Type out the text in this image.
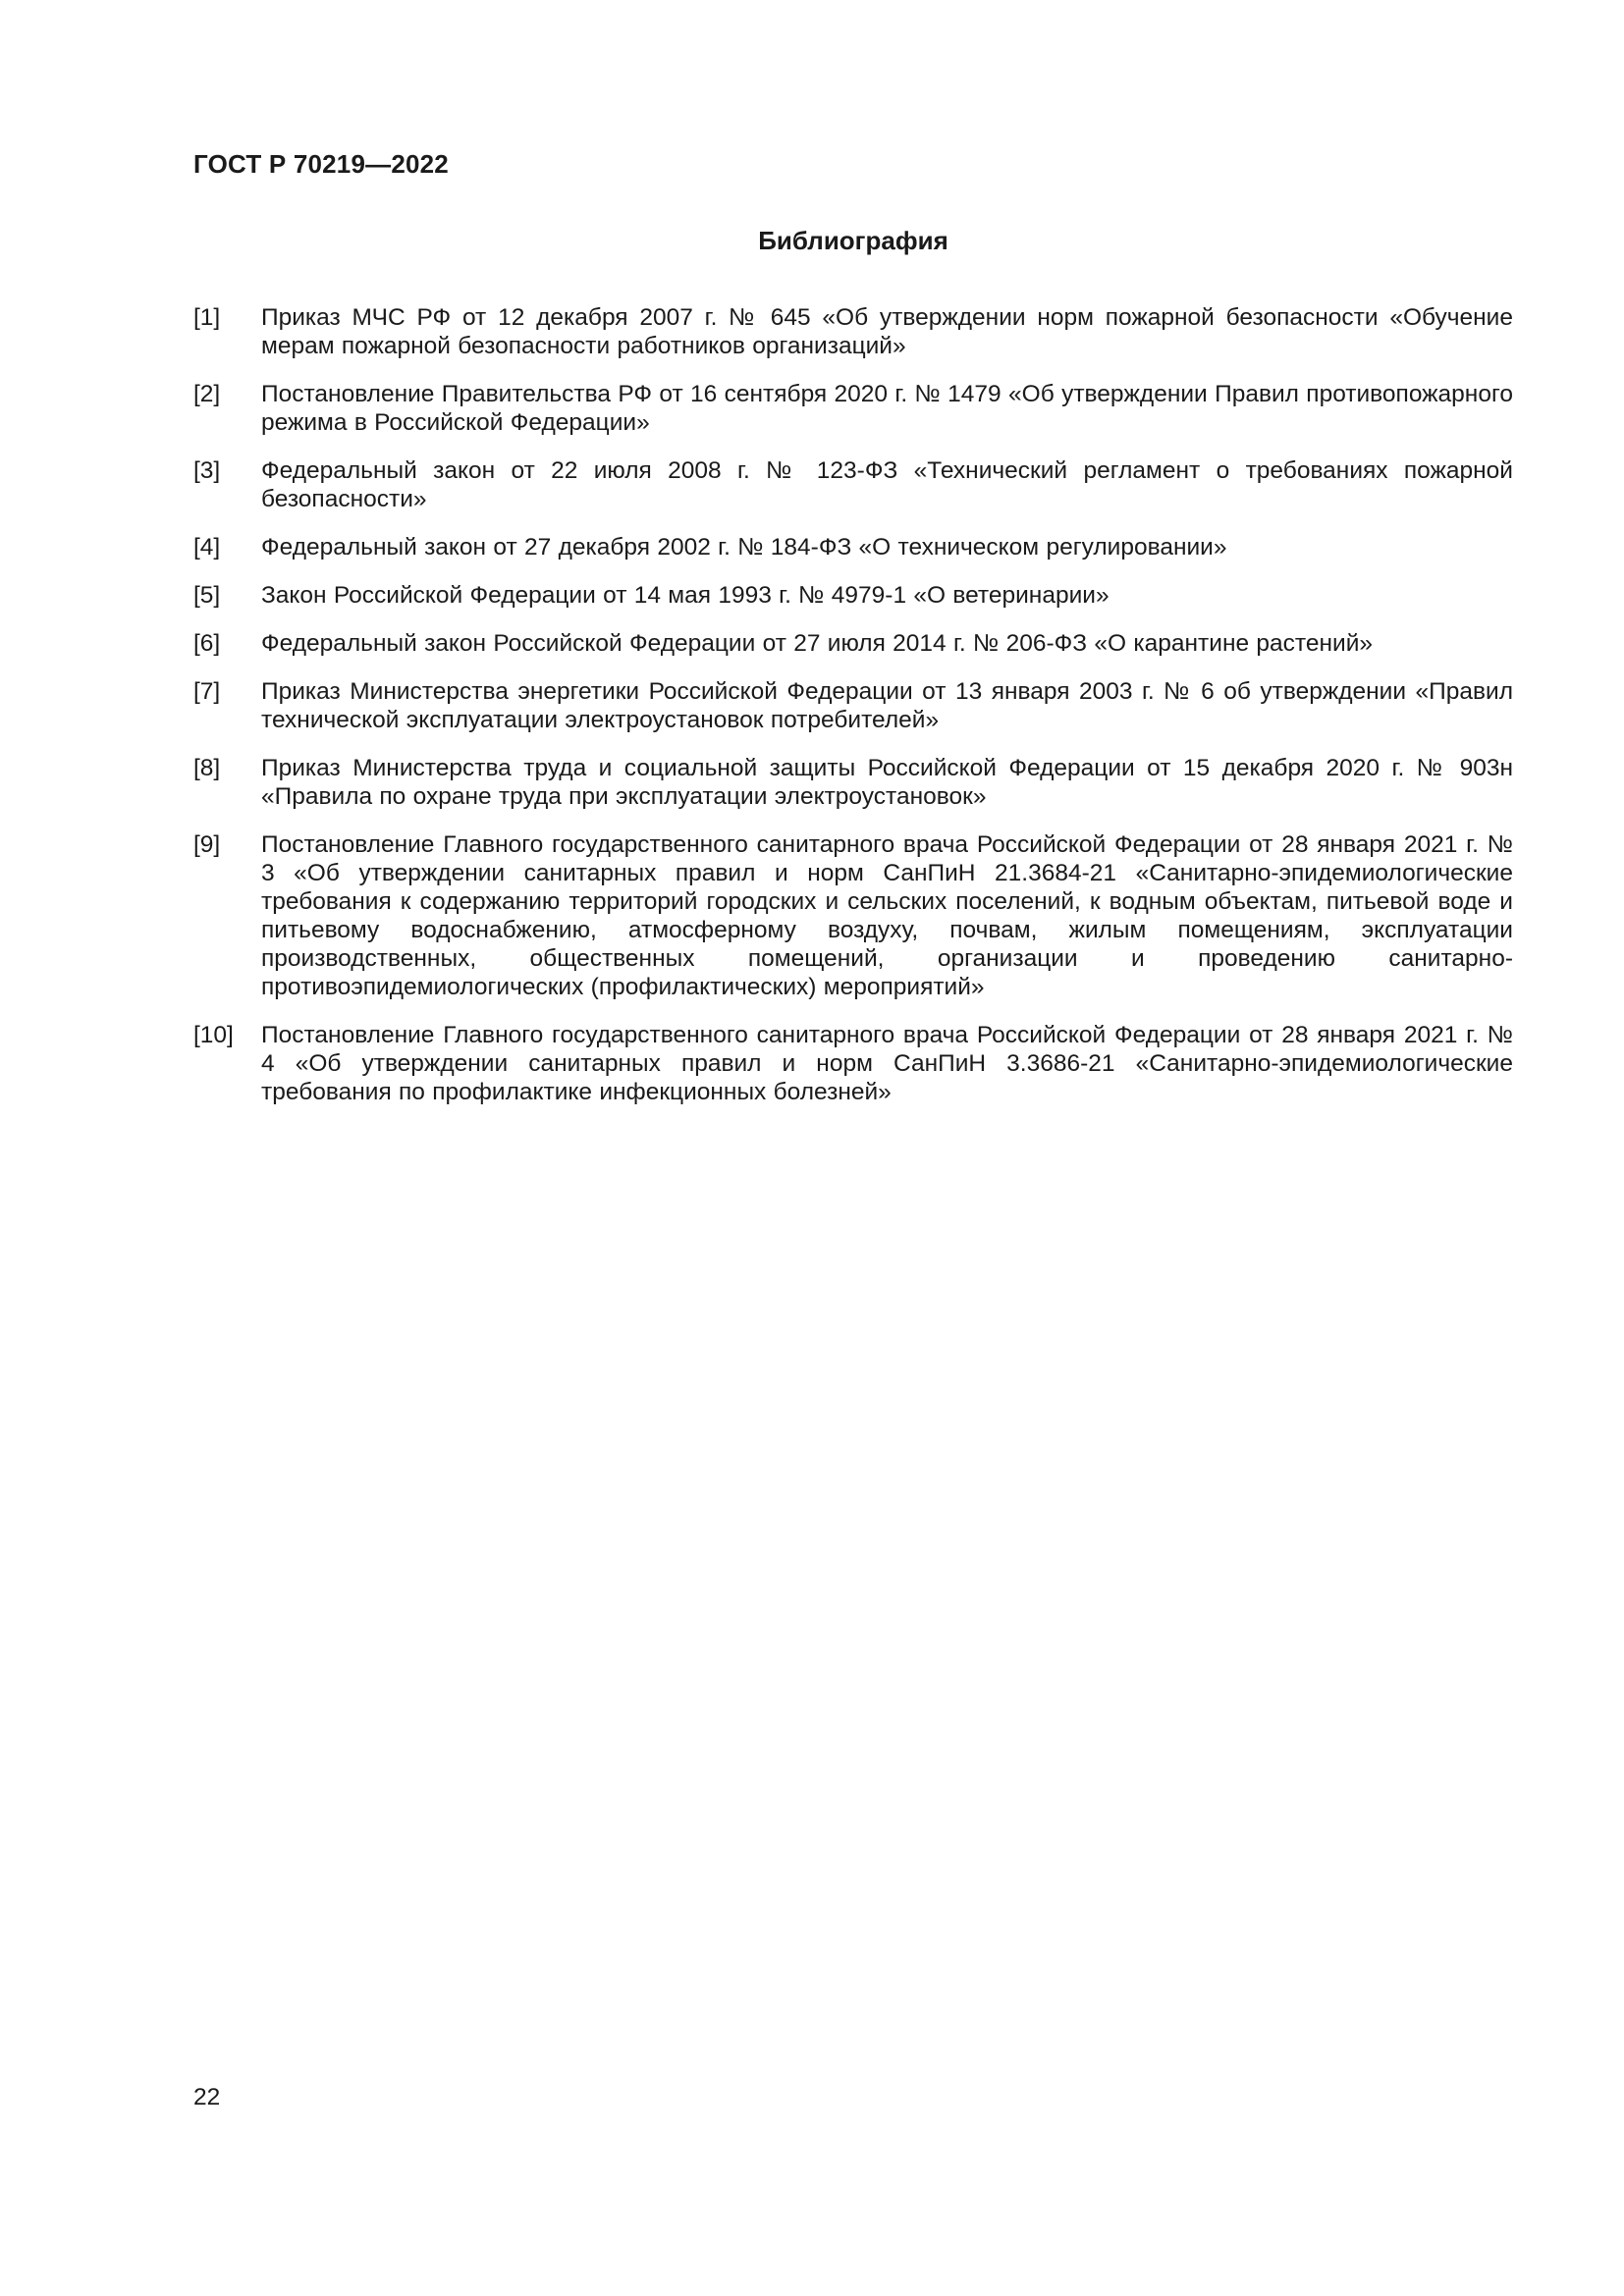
ГОСТ Р 70219—2022
Библиография
[1]	Приказ МЧС РФ от 12 декабря 2007 г. № 645 «Об утверждении норм пожарной безопасности «Обучение мерам пожарной безопасности работников организаций»
[2]	Постановление Правительства РФ от 16 сентября 2020 г. № 1479 «Об утверждении Правил противопожарного режима в Российской Федерации»
[3]	Федеральный закон от 22 июля 2008 г. № 123-ФЗ «Технический регламент о требованиях пожарной безопасности»
[4]	Федеральный закон от 27 декабря 2002 г. № 184-ФЗ «О техническом регулировании»
[5]	Закон Российской Федерации от 14 мая 1993 г. № 4979-1 «О ветеринарии»
[6]	Федеральный закон Российской Федерации от 27 июля 2014 г. № 206-ФЗ «О карантине растений»
[7]	Приказ Министерства энергетики Российской Федерации от 13 января 2003 г. № 6 об утверждении «Правил технической эксплуатации электроустановок потребителей»
[8]	Приказ Министерства труда и социальной защиты Российской Федерации от 15 декабря 2020 г. № 903н «Правила по охране труда при эксплуатации электроустановок»
[9]	Постановление Главного государственного санитарного врача Российской Федерации от 28 января 2021 г. № 3 «Об утверждении санитарных правил и норм СанПиН 21.3684-21 «Санитарно-эпидемиологические требования к содержанию территорий городских и сельских поселений, к водным объектам, питьевой воде и питьевому водоснабжению, атмосферному воздуху, почвам, жилым помещениям, эксплуатации производственных, общественных помещений, организации и проведению санитарно-противоэпидемиологических (профилактических) мероприятий»
[10]	Постановление Главного государственного санитарного врача Российской Федерации от 28 января 2021 г. № 4 «Об утверждении санитарных правил и норм СанПиН 3.3686-21 «Санитарно-эпидемиологические требования по профилактике инфекционных болезней»
22
